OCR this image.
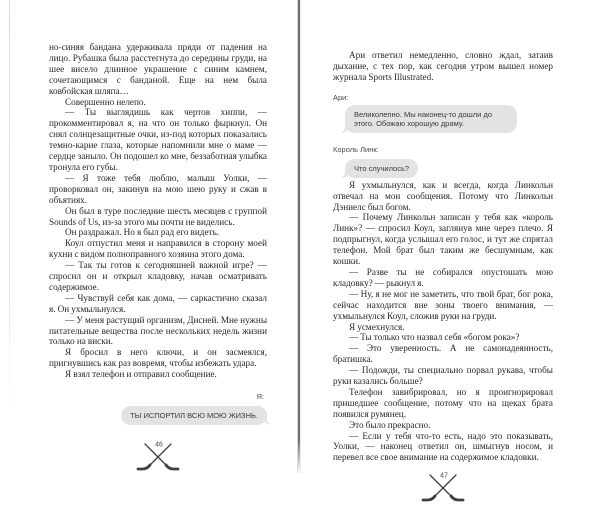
но-синяя бандана удерживала пряди от падения на лицо. Рубашка была расстегнута до середины груди, на шее висело длинное украшение с синим камнем, сочетающимся с банданой. Еще на нем была ковбойская шляпа…

Совершенно нелепо.

— Ты выглядишь как чертов хиппи, — прокомментировал я, на что он только фыркнул. Он снял солнцезащитные очки, из-под которых показались темно-карие глаза, которые напомнили мне о маме — сердце заныло. Он подошел ко мне, беззаботная улыбка тронула его губы.

— Я тоже тебя люблю, малыш Уолки, — проворковал он, закинув на мою шею руку и сжав в объятиях.

Он был в туре последние шесть месяцев с группой Sounds of Us, из-за этого мы почти не виделись.

Он раздражал. Но я был рад его видеть.

Коул отпустил меня и направился в сторону моей кухни с видом полноправного хозяина этого дома.

— Так ты готов к сегодняшней важной игре? — спросил он и открыл кладовку, начав осматривать содержимое.

— Чувствуй себя как дома, — саркастично сказал я. Он ухмыльнулся.

— У меня растущий организм, Дисней. Мне нужны питательные вещества после нескольких недель жизни только на виски.

Я бросил в него ключи, и он засмеялся, пригнувшись как раз вовремя, чтобы избежать удара.

Я взял телефон и отправил сообщение.

Я:
ТЫ ИСПОРТИЛ ВСЮ МОЮ ЖИЗНЬ.
46

Ари ответил немедленно, словно ждал, затаив дыхание, с тех пор, как сегодня утром вышел номер журнала Sports Illustrated.

Ари:
Великолепно. Мы наконец-то дошли до этого. Обожаю хорошую драму.
Король Линк:
Что случилось?

Я ухмыльнулся, как и всегда, когда Линкольн отвечал на мои сообщения. Потому что Линкольн Дэниелс был богом.

— Почему Линкольн записан у тебя как «король Линк»? — спросил Коул, заглянув мне через плечо. Я подпрыгнул, когда услышал его голос, и тут же спрятал телефон. Мой брат был таким же бесшумным, как кошки.

— Разве ты не собирался опустошать мою кладовку? — рыкнул я.

— Ну, я не мог не заметить, что твой брат, бог рока, сейчас находится вне зоны твоего внимания, — ухмыльнулся Коул, сложив руки на груди.

Я усмехнулся.

— Ты только что назвал себя «богом рока»?

— Это уверенность. А не самонадеянность, братишка.

— Подожди, ты специально порвал рукава, чтобы руки казались больше?

Телефон завибрировал, но я проигнорировал пришедшее сообщение, потому что на щеках брата появился румянец.

Это было прекрасно.

— Если у тебя что-то есть, надо это показывать, Уолки, — наконец ответил он, шмыгнув носом, и перевел все свое внимание на содержимое кладовки.

47
